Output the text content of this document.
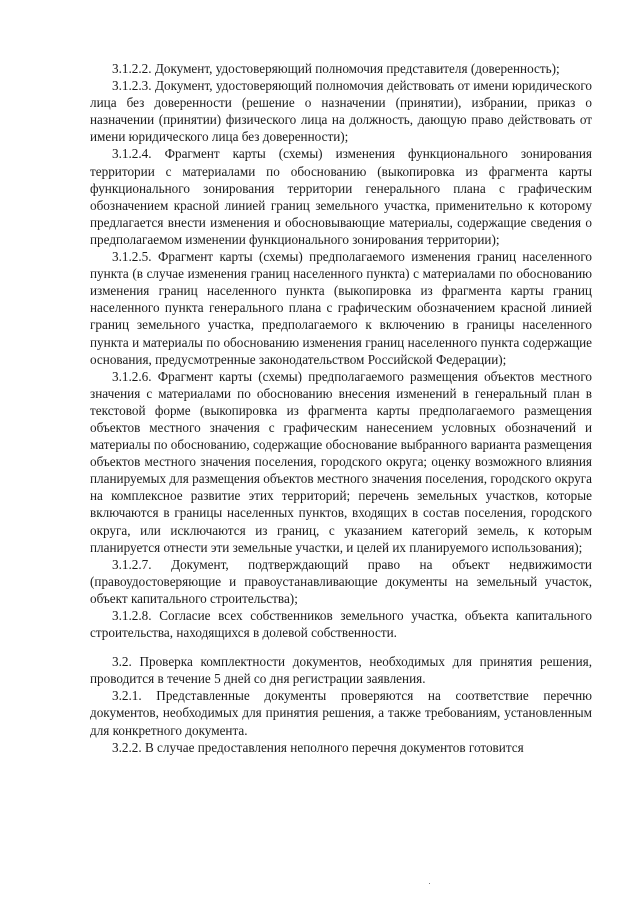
3.1.2.2. Документ, удостоверяющий полномочия представителя (доверенность);

3.1.2.3. Документ, удостоверяющий полномочия действовать от имени юридического лица без доверенности (решение о назначении (принятии), избрании, приказ о назначении (принятии) физического лица на должность, дающую право действовать от имени юридического лица без доверенности);

3.1.2.4. Фрагмент карты (схемы) изменения функционального зонирования территории с материалами по обоснованию (выкопировка из фрагмента карты функционального зонирования территории генерального плана с графическим обозначением красной линией границ земельного участка, применительно к которому предлагается внести изменения и обосновывающие материалы, содержащие сведения о предполагаемом изменении функционального зонирования территории);

3.1.2.5. Фрагмент карты (схемы) предполагаемого изменения границ населенного пункта (в случае изменения границ населенного пункта) с материалами по обоснованию изменения границ населенного пункта (выкопировка из фрагмента карты границ населенного пункта генерального плана с графическим обозначением красной линией границ земельного участка, предполагаемого к включению в границы населенного пункта и материалы по обоснованию изменения границ населенного пункта содержащие основания, предусмотренные законодательством Российской Федерации);

3.1.2.6. Фрагмент карты (схемы) предполагаемого размещения объектов местного значения с материалами по обоснованию внесения изменений в генеральный план в текстовой форме (выкопировка из фрагмента карты предполагаемого размещения объектов местного значения с графическим нанесением условных обозначений и материалы по обоснованию, содержащие обоснование выбранного варианта размещения объектов местного значения поселения, городского округа; оценку возможного влияния планируемых для размещения объектов местного значения поселения, городского округа на комплексное развитие этих территорий; перечень земельных участков, которые включаются в границы населенных пунктов, входящих в состав поселения, городского округа, или исключаются из границ, с указанием категорий земель, к которым планируется отнести эти земельные участки, и целей их планируемого использования);

3.1.2.7. Документ, подтверждающий право на объект недвижимости (правоудостоверяющие и правоустанавливающие документы на земельный участок, объект капитального строительства);

3.1.2.8. Согласие всех собственников земельного участка, объекта капитального строительства, находящихся в долевой собственности.

3.2. Проверка комплектности документов, необходимых для принятия решения, проводится в течение 5 дней со дня регистрации заявления.

3.2.1. Представленные документы проверяются на соответствие перечню документов, необходимых для принятия решения, а также требованиям, установленным для конкретного документа.

3.2.2. В случае предоставления неполного перечня документов готовится
